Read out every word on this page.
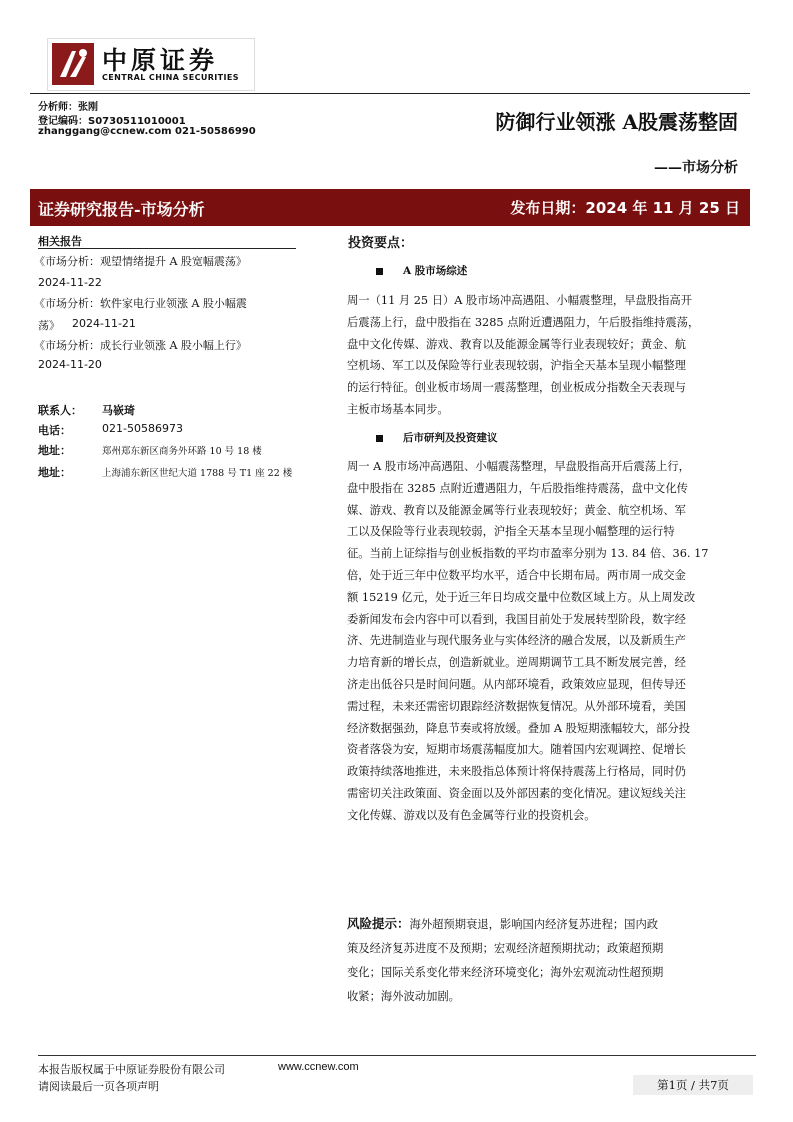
中原证券
CENTRAL CHINA SECURITIES
分析师：张刚
登记编码：S0730511010001
zhanggang@ccnew.com 021-50586990	防御行业领涨 A股震荡整固
——市场分析
证券研究报告-市场分析	发布日期：2024 年 11 月 25 日
相关报告
《市场分析：观望情绪提升 A 股宽幅震荡》
2024-11-22
《市场分析：软件家电行业领涨 A 股小幅震
荡》 2024-11-21
《市场分析：成长行业领涨 A 股小幅上行》
2024-11-20
联系人： 马嵚琦
电话：	021-50586973
地址：	郑州郑东新区商务外环路 10 号 18 楼
地址：	上海浦东新区世纪大道 1788 号 T1 座 22 楼
投资要点：
A 股市场综述
周一（11 月 25 日）A 股市场冲高遇阻、小幅震整理，早盘股指高开
后震荡上行，盘中股指在 3285 点附近遭遇阻力，午后股指维持震荡，
盘中文化传媒、游戏、教育以及能源金属等行业表现较好；黄金、航
空机场、军工以及保险等行业表现较弱，沪指全天基本呈现小幅整理
的运行特征。创业板市场周一震荡整理，创业板成分指数全天表现与
主板市场基本同步。
后市研判及投资建议
周一 A 股市场冲高遇阻、小幅震荡整理，早盘股指高开后震荡上行，
盘中股指在 3285 点附近遭遇阻力，午后股指维持震荡，盘中文化传
媒、游戏、教育以及能源金属等行业表现较好；黄金、航空机场、军
工以及保险等行业表现较弱，沪指全天基本呈现小幅整理的运行特
征。当前上证综指与创业板指数的平均市盈率分别为 13. 84 倍、36. 17
倍，处于近三年中位数平均水平，适合中长期布局。两市周一成交金
额 15219 亿元，处于近三年日均成交量中位数区域上方。从上周发改
委新闻发布会内容中可以看到，我国目前处于发展转型阶段，数字经
济、先进制造业与现代服务业与实体经济的融合发展，以及新质生产
力培育新的增长点，创造新就业。逆周期调节工具不断发展完善，经
济走出低谷只是时间问题。从内部环境看，政策效应显现，但传导还
需过程，未来还需密切跟踪经济数据恢复情况。从外部环境看，美国
经济数据强劲，降息节奏或将放缓。叠加 A 股短期涨幅较大，部分投
资者落袋为安，短期市场震荡幅度加大。随着国内宏观调控、促增长
政策持续落地推进，未来股指总体预计将保持震荡上行格局，同时仍
需密切关注政策面、资金面以及外部因素的变化情况。建议短线关注
文化传媒、游戏以及有色金属等行业的投资机会。
风险提示：海外超预期衰退，影响国内经济复苏进程；国内政
策及经济复苏进度不及预期；宏观经济超预期扰动；政策超预期
变化；国际关系变化带来经济环境变化；海外宏观流动性超预期
收紧；海外波动加剧。
本报告版权属于中原证券股份有限公司	www.ccnew.com
请阅读最后一页各项声明	第1页 / 共7页
